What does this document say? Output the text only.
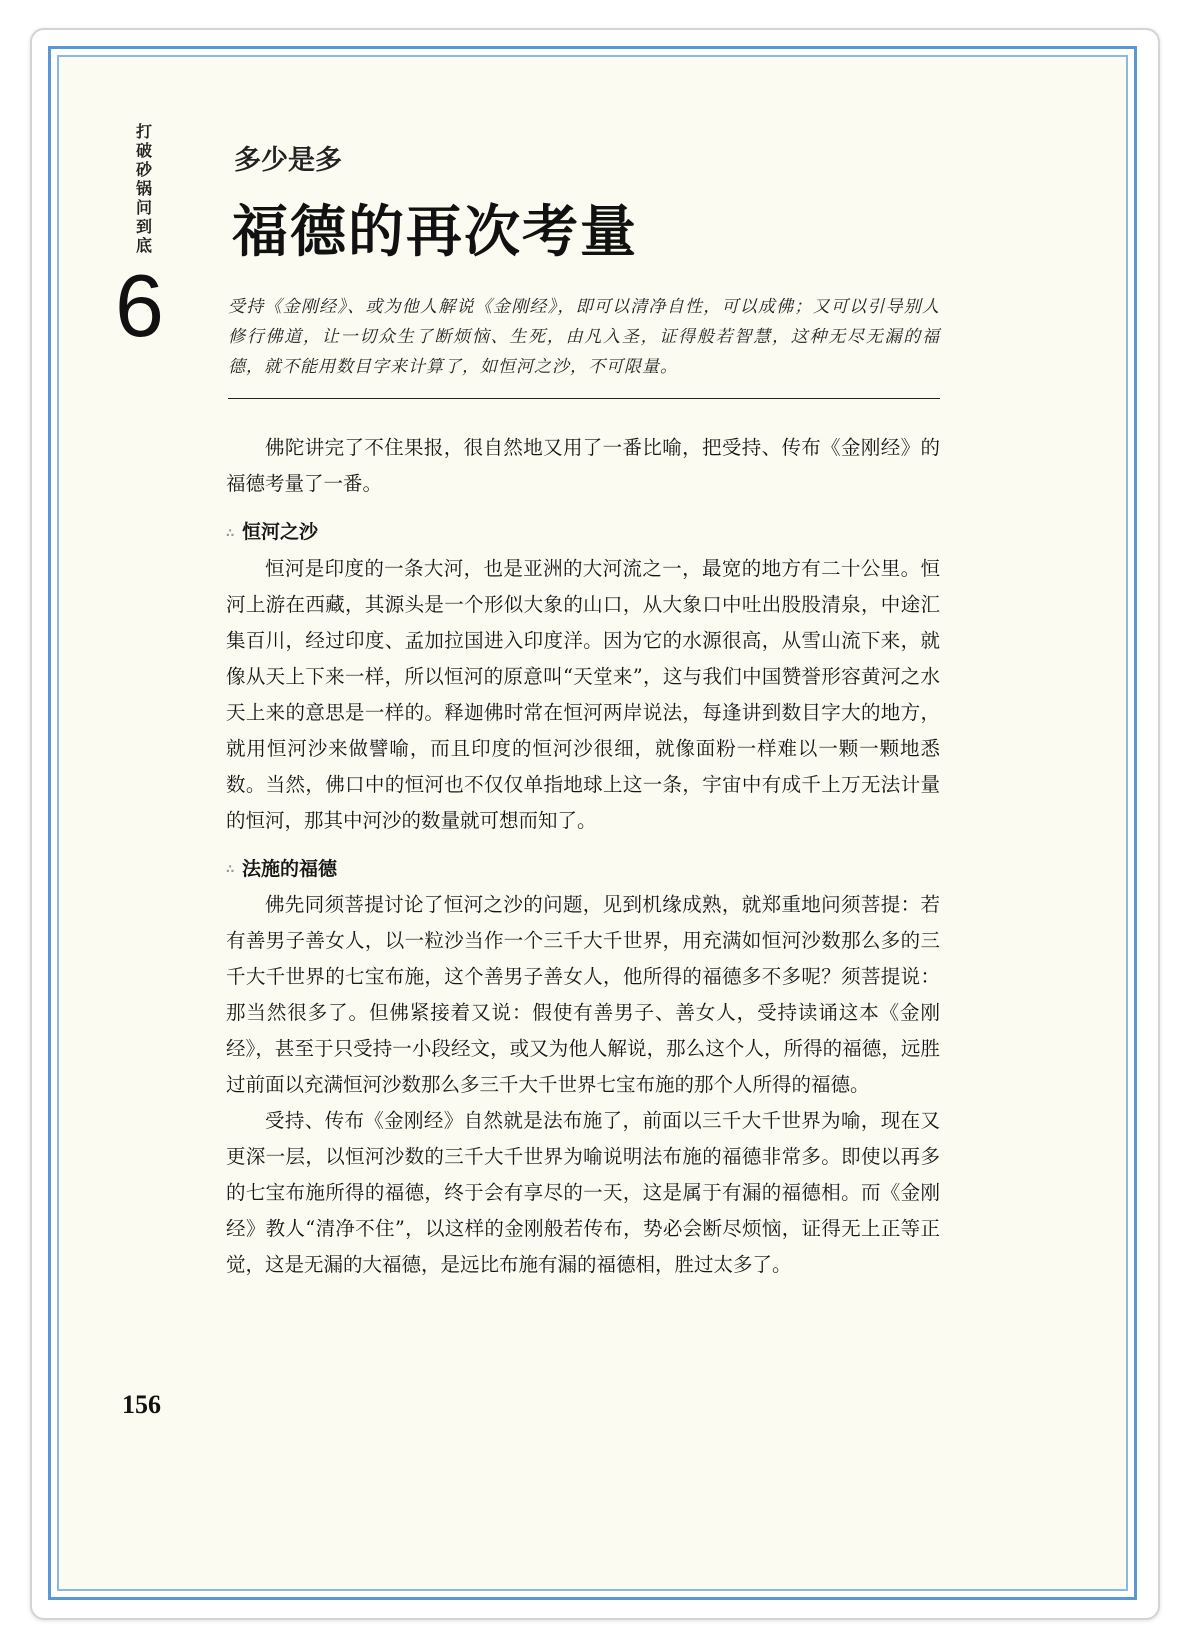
打
破
砂
锅
问
到
底
6
多少是多
福德的再次考量
受持《金刚经》、或为他人解说《金刚经》，即可以清净自性，可以成佛；又可以引导别人修行佛道，让一切众生了断烦恼、生死，由凡入圣，证得般若智慧，这种无尽无漏的福德，就不能用数目字来计算了，如恒河之沙，不可限量。

佛陀讲完了不住果报，很自然地又用了一番比喻，把受持、传布《金刚经》的福德考量了一番。

∴ 恒河之沙

恒河是印度的一条大河，也是亚洲的大河流之一，最宽的地方有二十公里。恒河上游在西藏，其源头是一个形似大象的山口，从大象口中吐出股股清泉，中途汇集百川，经过印度、孟加拉国进入印度洋。因为它的水源很高，从雪山流下来，就像从天上下来一样，所以恒河的原意叫“天堂来”，这与我们中国赞誉形容黄河之水天上来的意思是一样的。释迦佛时常在恒河两岸说法，每逢讲到数目字大的地方，就用恒河沙来做譬喻，而且印度的恒河沙很细，就像面粉一样难以一颗一颗地悉数。当然，佛口中的恒河也不仅仅单指地球上这一条，宇宙中有成千上万无法计量的恒河，那其中河沙的数量就可想而知了。

∴ 法施的福德

佛先同须菩提讨论了恒河之沙的问题，见到机缘成熟，就郑重地问须菩提：若有善男子善女人，以一粒沙当作一个三千大千世界，用充满如恒河沙数那么多的三千大千世界的七宝布施，这个善男子善女人，他所得的福德多不多呢？须菩提说：那当然很多了。但佛紧接着又说：假使有善男子、善女人，受持读诵这本《金刚经》，甚至于只受持一小段经文，或又为他人解说，那么这个人，所得的福德，远胜过前面以充满恒河沙数那么多三千大千世界七宝布施的那个人所得的福德。

受持、传布《金刚经》自然就是法布施了，前面以三千大千世界为喻，现在又更深一层，以恒河沙数的三千大千世界为喻说明法布施的福德非常多。即使以再多的七宝布施所得的福德，终于会有享尽的一天，这是属于有漏的福德相。而《金刚经》教人“清净不住”，以这样的金刚般若传布，势必会断尽烦恼，证得无上正等正觉，这是无漏的大福德，是远比布施有漏的福德相，胜过太多了。

156
